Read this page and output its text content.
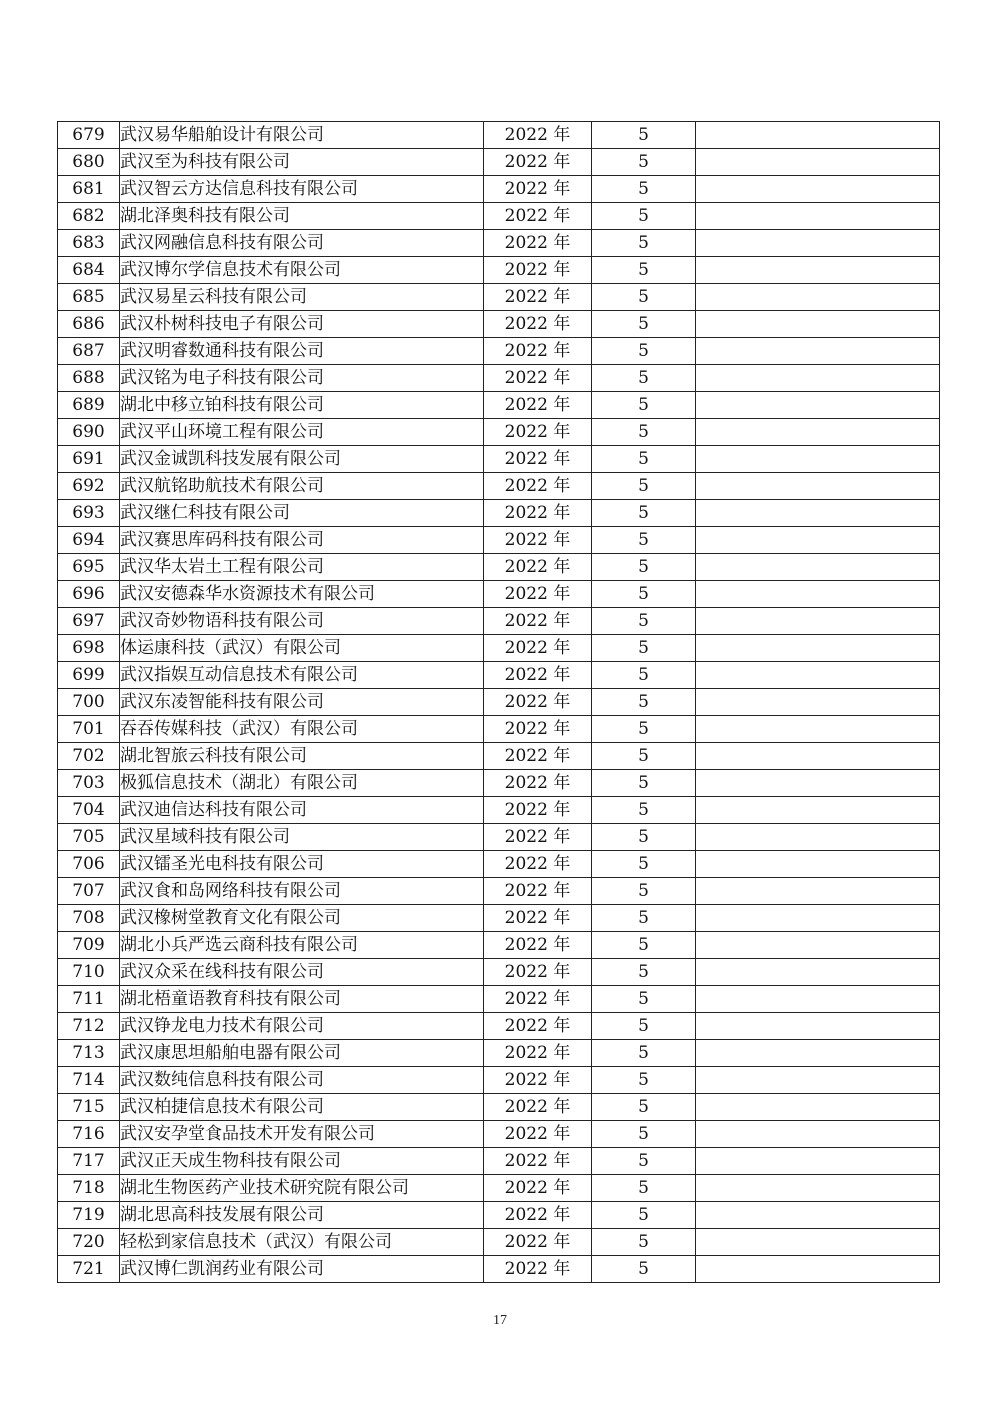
679	武汉易华船舶设计有限公司	2022 年	5	
680	武汉至为科技有限公司	2022 年	5	
681	武汉智云方达信息科技有限公司	2022 年	5	
682	湖北泽奥科技有限公司	2022 年	5	
683	武汉网融信息科技有限公司	2022 年	5	
684	武汉博尔学信息技术有限公司	2022 年	5	
685	武汉易星云科技有限公司	2022 年	5	
686	武汉朴树科技电子有限公司	2022 年	5	
687	武汉明睿数通科技有限公司	2022 年	5	
688	武汉铭为电子科技有限公司	2022 年	5	
689	湖北中移立铂科技有限公司	2022 年	5	
690	武汉平山环境工程有限公司	2022 年	5	
691	武汉金诚凯科技发展有限公司	2022 年	5	
692	武汉航铭助航技术有限公司	2022 年	5	
693	武汉继仁科技有限公司	2022 年	5	
694	武汉赛思库码科技有限公司	2022 年	5	
695	武汉华太岩土工程有限公司	2022 年	5	
696	武汉安德森华水资源技术有限公司	2022 年	5	
697	武汉奇妙物语科技有限公司	2022 年	5	
698	体运康科技（武汉）有限公司	2022 年	5	
699	武汉指娱互动信息技术有限公司	2022 年	5	
700	武汉东凌智能科技有限公司	2022 年	5	
701	吞吞传媒科技（武汉）有限公司	2022 年	5	
702	湖北智旅云科技有限公司	2022 年	5	
703	极狐信息技术（湖北）有限公司	2022 年	5	
704	武汉迪信达科技有限公司	2022 年	5	
705	武汉星域科技有限公司	2022 年	5	
706	武汉镭圣光电科技有限公司	2022 年	5	
707	武汉食和岛网络科技有限公司	2022 年	5	
708	武汉橡树堂教育文化有限公司	2022 年	5	
709	湖北小兵严选云商科技有限公司	2022 年	5	
710	武汉众采在线科技有限公司	2022 年	5	
711	湖北梧童语教育科技有限公司	2022 年	5	
712	武汉铮龙电力技术有限公司	2022 年	5	
713	武汉康思坦船舶电器有限公司	2022 年	5	
714	武汉数纯信息科技有限公司	2022 年	5	
715	武汉柏捷信息技术有限公司	2022 年	5	
716	武汉安孕堂食品技术开发有限公司	2022 年	5	
717	武汉正天成生物科技有限公司	2022 年	5	
718	湖北生物医药产业技术研究院有限公司	2022 年	5	
719	湖北思高科技发展有限公司	2022 年	5	
720	轻松到家信息技术（武汉）有限公司	2022 年	5	
721	武汉博仁凯润药业有限公司	2022 年	5	
17
